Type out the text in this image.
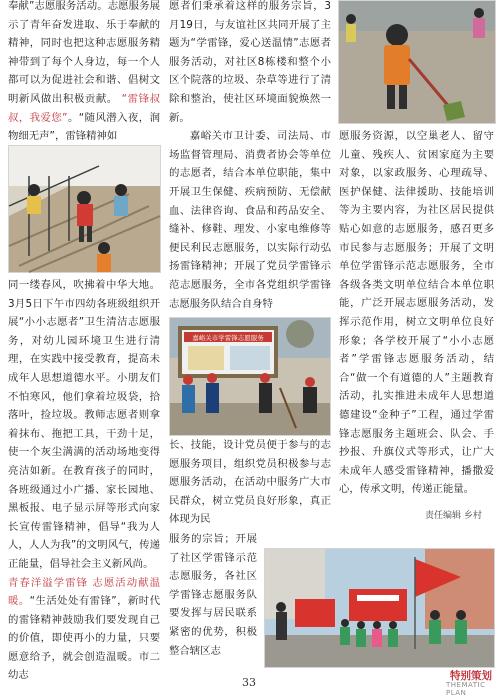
奉献”志愿服务活动。志愿服务展示了青年奋发进取、乐于奉献的精神，同时也把这种志愿服务精神带到了每个人身边，每一个人都可以为促进社会和谐、倡树文明新风做出积极贡献。 “雷锋叔叔，我爱您”。“随风潜入夜，润物细无声”，雷锋精神如

同一缕春风，吹拂着中华大地。3月5日下午市四幼各班级组织开展“小小志愿者”卫生清洁志愿服务，对幼儿园环境卫生进行清理，在实践中接受教育，提高未成年人思想道德水平。小朋友们不怕寒风，他们拿着垃圾袋，拾落叶，捡垃圾。教师志愿者则拿着抹布、拖把工具，干劲十足，使一个灰尘满满的活动场地变得亮洁如新。在教育孩子的同时，各班级通过小广播、家长园地、黑板报、电子显示屏等形式向家长宣传雷锋精神，倡导“我为人人，人人为我”的文明风气，传递正能量，倡导社会主义新风尚。
青春洋溢学雷锋 志愿活动献温暖。“生活处处有雷锋”，新时代的雷锋精神鼓励我们要发现自己的价值，即使再小的力量，只要愿意给予，就会创造温暖。市二幼志

愿者们秉承着这样的服务宗旨，3月19日，与友谊社区共同开展了主题为“学雷锋，爱心送温情”志愿者服务活动，对社区8栋楼和整个小区个院落的垃圾、杂草等进行了清除和整治，使社区环境面貌焕然一新。

嘉峪关市卫计委、司法局、市场监督管理局、消费者协会等单位的志愿者，结合本单位职能，集中开展卫生保健、疾病预防、无偿献血、法律咨询、食品和药品安全、缝补、修鞋、理发、小家电维修等便民利民志愿服务，以实际行动弘扬雷锋精神；开展了党员学雷锋示范志愿服务，全市各党组织学雷锋志愿服务队结合自身特

嘉峪关市学雷锋志愿服务

长、技能，设计党员便于参与的志愿服务项目，组织党员积极参与志愿服务活动，在活动中服务广大市民群众，树立党员良好形象，真正体现为民

服务的宗旨；开展了社区学雷锋示范志愿服务，各社区学雷锋志愿服务队要发挥与居民联系紧密的优势，积极整合辖区志

愿服务资源，以空巢老人、留守儿童、残疾人、贫困家庭为主要对象，以家政服务、心理疏导、医护保健、法律援助、技能培训等为主要内容，为社区居民提供贴心如意的志愿服务，感召更多市民参与志愿服务；开展了文明单位学雷锋示范志愿服务，全市各级各类文明单位结合本单位职能，广泛开展志愿服务活动，发挥示范作用，树立文明单位良好形象；各学校开展了“小小志愿者”学雷锋志愿服务活动，结合“做一个有道德的人”主题教育活动，扎实推进未成年人思想道德建设“金种子”工程，通过学雷锋志愿服务主题班会、队会、手抄报、升旗仪式等形式，让广大未成年人感受雷锋精神，播撒爱心，传承文明，传递正能量。

责任编辑 乡村
33	特别策划
THEMATIC PLAN
